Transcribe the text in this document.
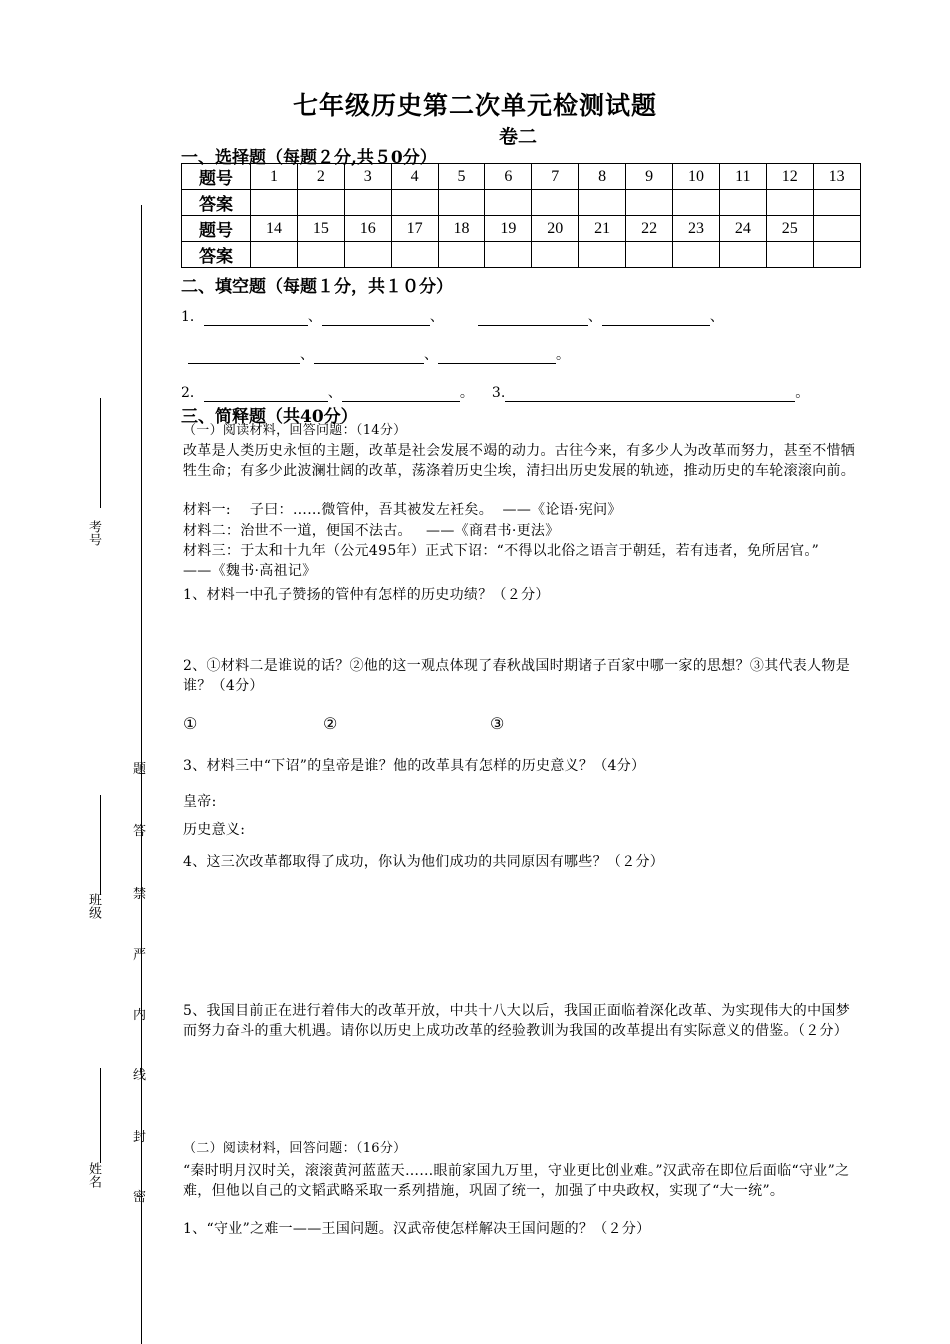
考号
班级
姓名
题
答
禁
严
内
线
封
密
七年级历史第二次单元检测试题
卷二
一、选择题（每题２分,共５0分）
题号	1	2	3	4	5	6	7	8	9	10	11	12	13
答案													
题号	14	15	16	17	18	19	20	21	22	23	24	25	
答案													
二、填空题（每题１分，共１０分）
1．	、	、	、	、
、	、	。
2．	、	。 3.	。
三、简释题（共40分）
（一）阅读材料，回答问题：（14分）
改革是人类历史永恒的主题，改革是社会发展不竭的动力。古往今来，有多少人为改革而努力，甚至不惜牺牲生命；有多少此波澜壮阔的改革，荡涤着历史尘埃，清扫出历史发展的轨迹，推动历史的车轮滚滚向前。
材料一:    子曰：……微管仲，吾其被发左衽矣。  ——《论语·宪问》
材料二：治世不一道，便国不法古。   ——《商君书·更法》
材料三：于太和十九年（公元495年）正式下诏：“不得以北俗之语言于朝廷，若有违者，免所居官。”    ——《魏书·高祖记》
1、材料一中孔子赞扬的管仲有怎样的历史功绩？（２分）
2、①材料二是谁说的话？②他的这一观点体现了春秋战国时期诸子百家中哪一家的思想？③其代表人物是谁？（4分）
①	②	③
3、材料三中“下诏”的皇帝是谁？他的改革具有怎样的历史意义？（4分）
皇帝:
历史意义:
4、这三次改革都取得了成功，你认为他们成功的共同原因有哪些？（２分）
5、我国目前正在进行着伟大的改革开放，中共十八大以后，我国正面临着深化改革、为实现伟大的中国梦而努力奋斗的重大机遇。请你以历史上成功改革的经验教训为我国的改革提出有实际意义的借鉴。（２分）
（二）阅读材料，回答问题：（16分）
“秦时明月汉时关，滚滚黄河蓝蓝天……眼前家国九万里，守业更比创业难。”汉武帝在即位后面临“守业”之难，但他以自己的文韬武略采取一系列措施，巩固了统一，加强了中央政权，实现了“大一统”。
1、“守业”之难一——王国问题。汉武帝使怎样解决王国问题的？（２分）
